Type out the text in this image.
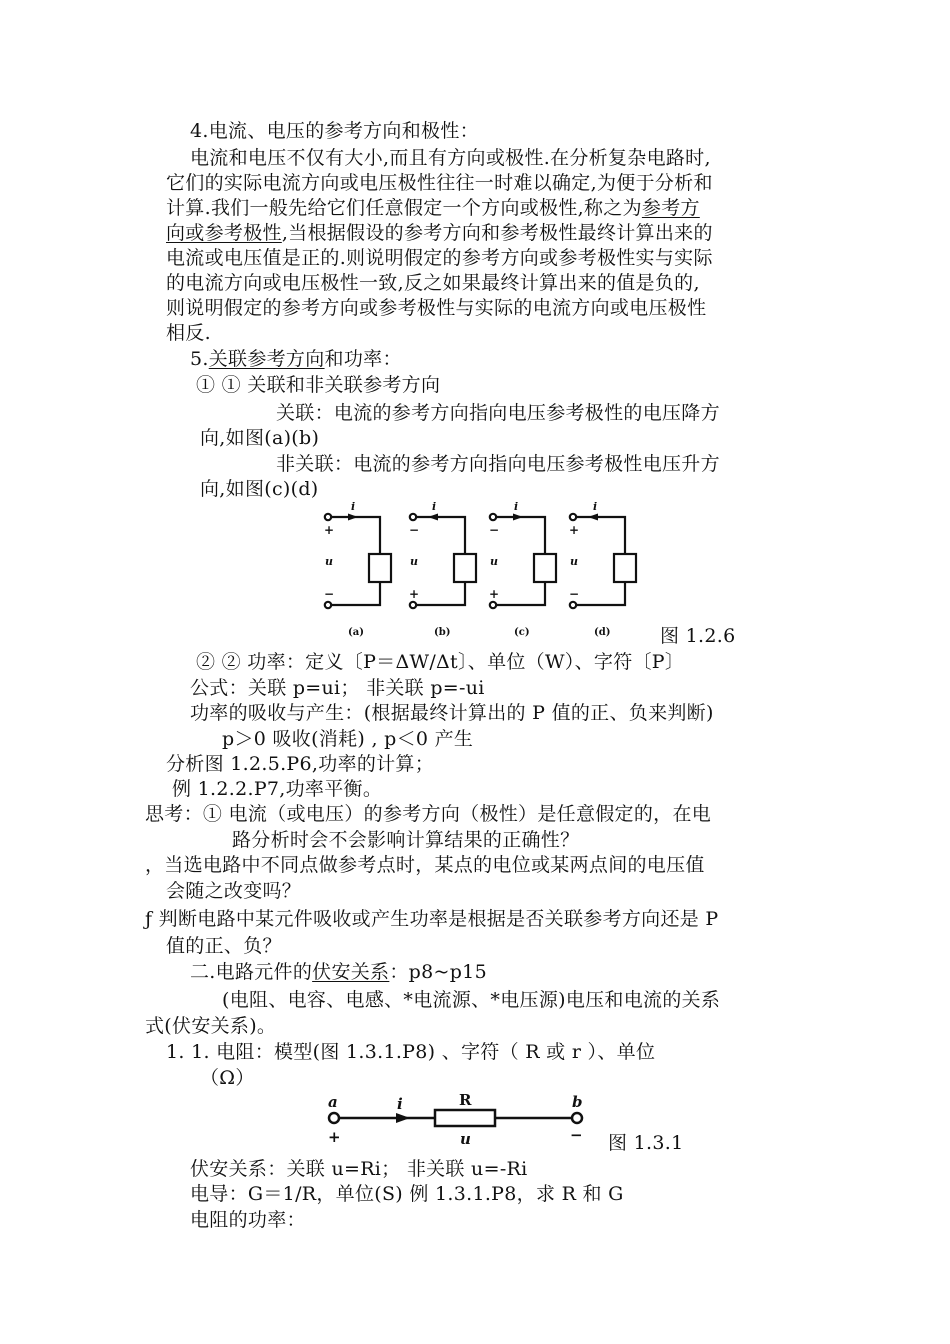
4.电流、电压的参考方向和极性：
电流和电压不仅有大小,而且有方向或极性.在分析复杂电路时,
它们的实际电流方向或电压极性往往一时难以确定,为便于分析和
计算.我们一般先给它们任意假定一个方向或极性,称之为参考方
向或参考极性,当根据假设的参考方向和参考极性最终计算出来的
电流或电压值是正的.则说明假定的参考方向或参考极性实与实际
的电流方向或电压极性一致,反之如果最终计算出来的值是负的,
则说明假定的参考方向或参考极性与实际的电流方向或电压极性
相反.
5.关联参考方向和功率：
① ① 关联和非关联参考方向
关联：电流的参考方向指向电压参考极性的电压降方
向,如图(a)(b)
非关联：电流的参考方向指向电压参考极性电压升方
向,如图(c)(d)
i	i	i	i
u	u	u	u
+
−
−
+
−
+
+
−
(a)	(b)	(c)	(d)	图 1.2.6
② ② 功率：定义〔P＝ΔW/Δt〕、单位（W）、字符〔P〕
公式：关联 p=ui； 非关联 p=-ui
功率的吸收与产生：(根据最终计算出的 P 值的正、负来判断)
p＞0 吸收(消耗) , p＜0 产生
分析图 1.2.5.P6,功率的计算；
例 1.2.2.P7,功率平衡。
思考：① 电流（或电压）的参考方向（极性）是任意假定的，在电
路分析时会不会影响计算结果的正确性？
，当选电路中不同点做参考点时，某点的电位或某两点间的电压值
会随之改变吗？
ƒ 判断电路中某元件吸收或产生功率是根据是否关联参考方向还是 P
值的正、负？
二.电路元件的伏安关系：p8~p15
(电阻、电容、电感、*电流源、*电压源)电压和电流的关系
式(伏安关系)。
1. 1. 电阻：模型(图 1.3.1.P8) 、字符（ R 或 r ）、单位
（Ω）
a	b
i	R
u
+	− 图 1.3.1
伏安关系：关联 u=Ri； 非关联 u=-Ri
电导：G＝1/R，单位(S) 例 1.3.1.P8，求 R 和 G
电阻的功率：
